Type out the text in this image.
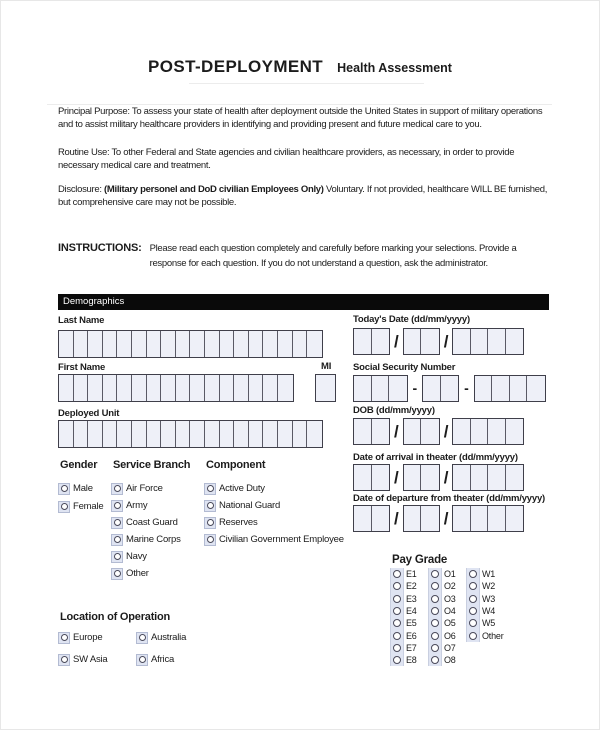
POST-DEPLOYMENT Health Assessment
Principal Purpose: To assess your state of health after deployment outside the United States in support of military operations and to assist military healthcare providers in identifying and providing present and future medical care to you.
Routine Use: To other Federal and State agencies and civilian healthcare providers, as necessary, in order to provide necessary medical care and treatment.
Disclosure: (Military personel and DoD civilian Employees Only) Voluntary. If not provided, healthcare WILL BE furnished, but comprehensive care may not be possible.
INSTRUCTIONS: Please read each question completely and carefully before marking your selections. Provide a response for each question. If you do not understand a question, ask the administrator.
Demographics
Last Name
First Name	MI
Deployed Unit
Today's Date (dd/mm/yyyy)
/	/
Social Security Number
-	-
DOB (dd/mm/yyyy)
/	/
Date of arrival in theater (dd/mm/yyyy)
/	/
Date of departure from theater (dd/mm/yyyy)
/	/
Gender
Male
Female
Service Branch
Air Force
Army
Coast Guard
Marine Corps
Navy
Other
Component
Active Duty
National Guard
Reserves
Civilian Government Employee
Pay Grade
E1
E2
E3
E4
E5
E6
E7
E8
O1
O2
O3
O4
O5
O6
O7
O8
W1
W2
W3
W4
W5
Other
Location of Operation
Europe
SW Asia
Australia
Africa
